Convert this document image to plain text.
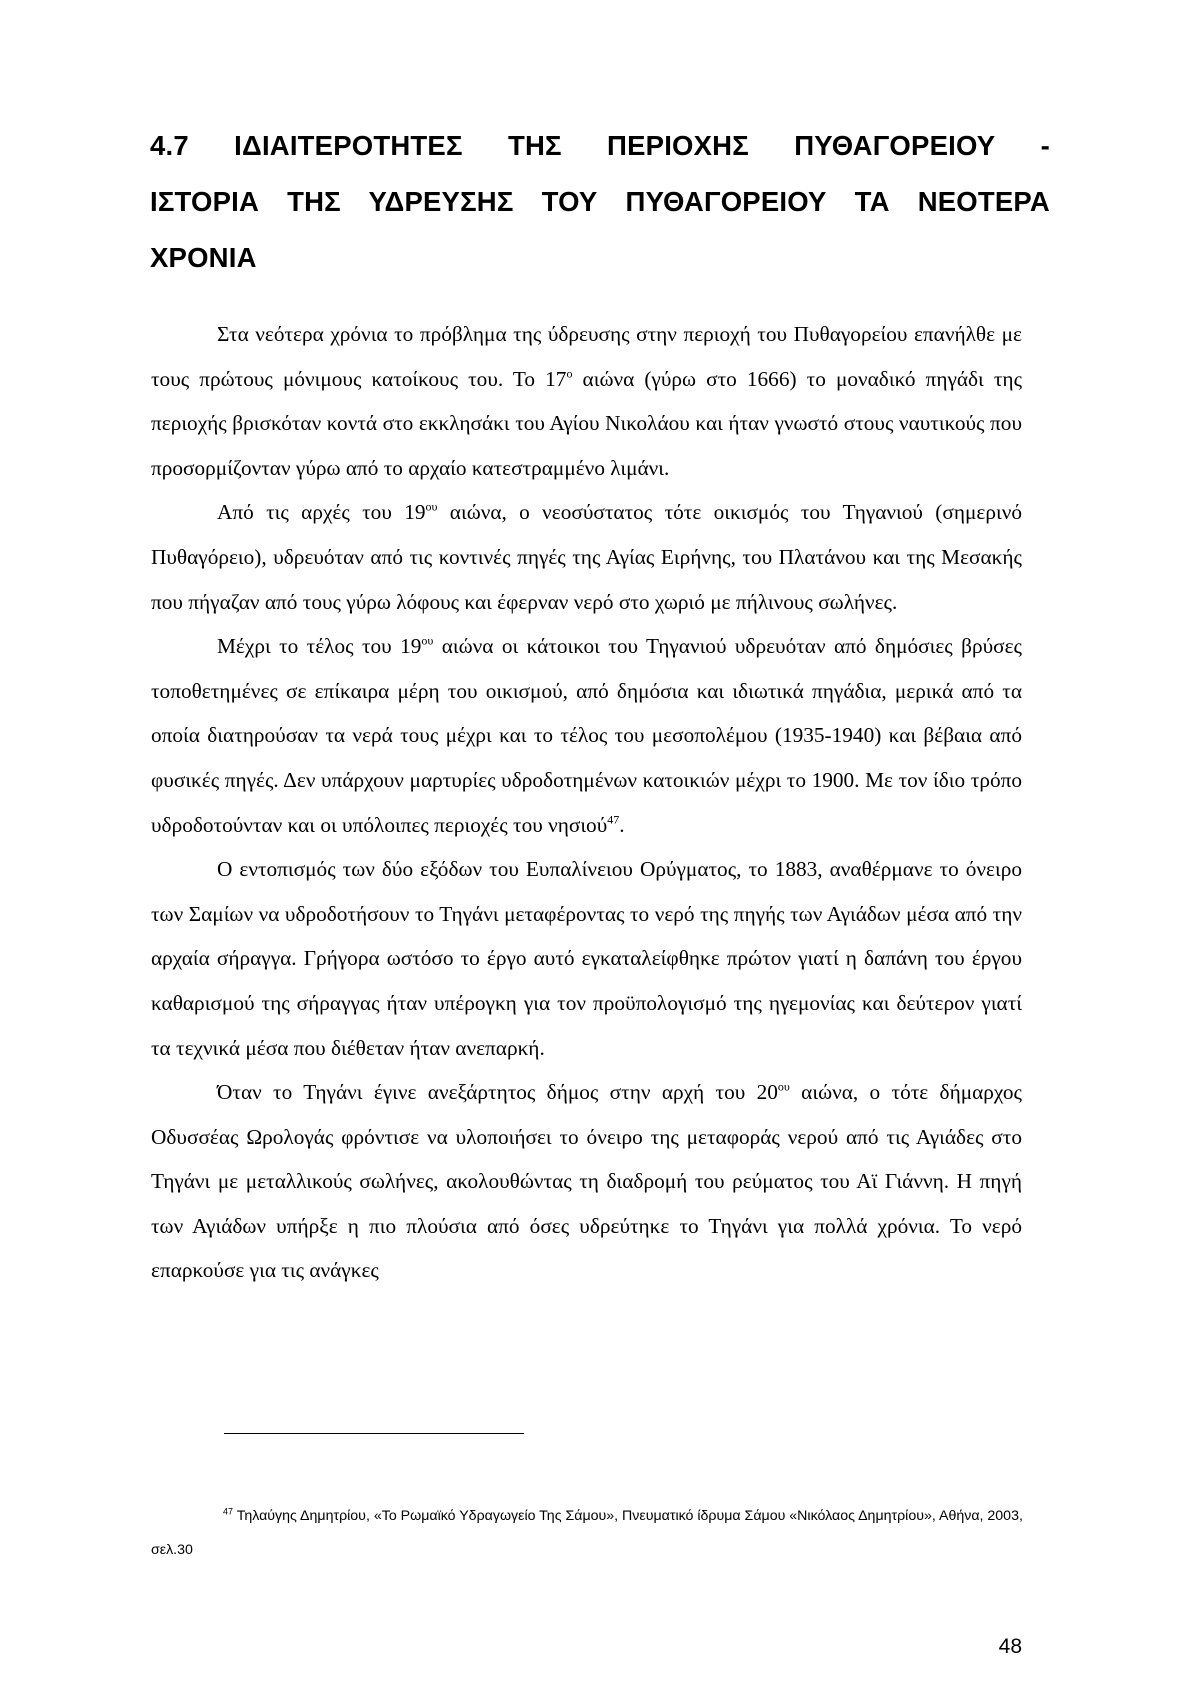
4.7 ΙΔΙΑΙΤΕΡΟΤΗΤΕΣ ΤΗΣ ΠΕΡΙΟΧΗΣ ΠΥΘΑΓΟΡΕΙΟΥ -
ΙΣΤΟΡΙΑ ΤΗΣ ΥΔΡΕΥΣΗΣ ΤΟΥ ΠΥΘΑΓΟΡΕΙΟΥ ΤΑ ΝΕΟΤΕΡΑ
ΧΡΟΝΙΑ

Στα νεότερα χρόνια το πρόβλημα της ύδρευσης στην περιοχή του Πυθαγορείου επανήλθε με τους πρώτους μόνιμους κατοίκους του. Το $17^o$ αιώνα (γύρω στο 1666) το μοναδικό πηγάδι της περιοχής βρισκόταν κοντά στο εκκλησάκι του Αγίου Νικολάου και ήταν γνωστό στους ναυτικούς που προσορμίζονταν γύρω από το αρχαίο κατεστραμμένο λιμάνι.

Από τις αρχές του $19^{o\upsilon}$ αιώνα, ο νεοσύστατος τότε οικισμός του Τηγανιού (σημερινό Πυθαγόρειο), υδρευόταν από τις κοντινές πηγές της Αγίας Ειρήνης, του Πλατάνου και της Μεσακής που πήγαζαν από τους γύρω λόφους και έφερναν νερό στο χωριό με πήλινους σωλήνες.

Μέχρι το τέλος του $19^{o\upsilon}$ αιώνα οι κάτοικοι του Τηγανιού υδρευόταν από δημόσιες βρύσες τοποθετημένες σε επίκαιρα μέρη του οικισμού, από δημόσια και ιδιωτικά πηγάδια, μερικά από τα οποία διατηρούσαν τα νερά τους μέχρι και το τέλος του μεσοπολέμου (1935-1940) και βέβαια από φυσικές πηγές. Δεν υπάρχουν μαρτυρίες υδροδοτημένων κατοικιών μέχρι το 1900. Με τον ίδιο τρόπο υδροδοτούνταν και οι υπόλοιπες περιοχές του νησιού$^{47}$.

Ο εντοπισμός των δύο εξόδων του Ευπαλίνειου Ορύγματος, το 1883, αναθέρμανε το όνειρο των Σαμίων να υδροδοτήσουν το Τηγάνι μεταφέροντας το νερό της πηγής των Αγιάδων μέσα από την αρχαία σήραγγα. Γρήγορα ωστόσο το έργο αυτό εγκαταλείφθηκε πρώτον γιατί η δαπάνη του έργου καθαρισμού της σήραγγας ήταν υπέρογκη για τον προϋπολογισμό της ηγεμονίας και δεύτερον γιατί τα τεχνικά μέσα που διέθεταν ήταν ανεπαρκή.

Όταν το Τηγάνι έγινε ανεξάρτητος δήμος στην αρχή του $20^{o\upsilon}$ αιώνα, ο τότε δήμαρχος Οδυσσέας Ωρολογάς φρόντισε να υλοποιήσει το όνειρο της μεταφοράς νερού από τις Αγιάδες στο Τηγάνι με μεταλλικούς σωλήνες, ακολουθώντας τη διαδρομή του ρεύματος του Αϊ Γιάννη. Η πηγή των Αγιάδων υπήρξε η πιο πλούσια από όσες υδρεύτηκε το Τηγάνι για πολλά χρόνια. Το νερό επαρκούσε για τις ανάγκες

$^{47}$ Τηλαύγης Δημητρίου, «Το Ρωμαϊκό Υδραγωγείο Της Σάμου», Πνευματικό ίδρυμα Σάμου «Νικόλαος Δημητρίου», Αθήνα, 2003, σελ.30
48
